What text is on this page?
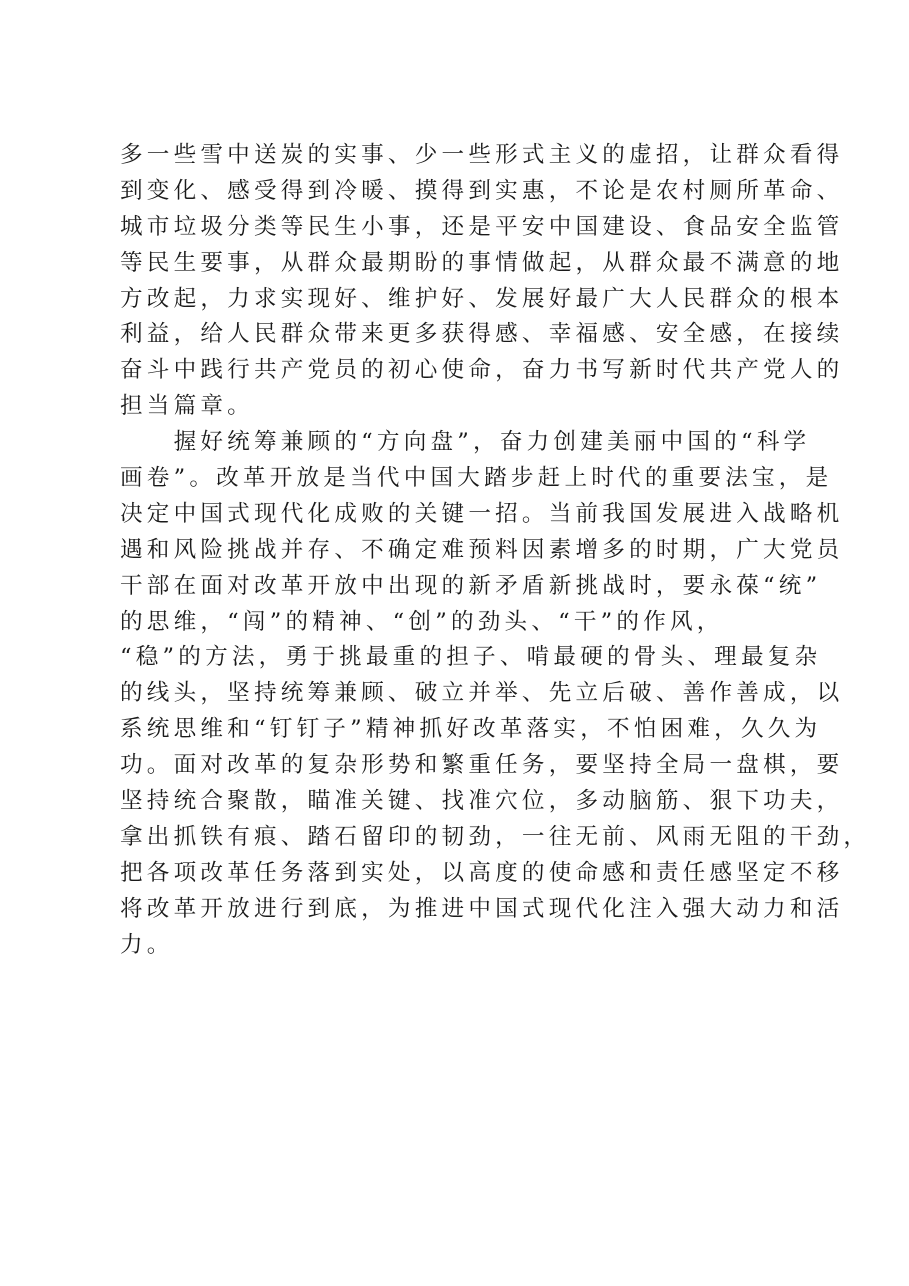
多一些雪中送炭的实事、少一些形式主义的虚招，让群众看得
到变化、感受得到冷暖、摸得到实惠，不论是农村厕所革命、
城市垃圾分类等民生小事，还是平安中国建设、食品安全监管
等民生要事，从群众最期盼的事情做起，从群众最不满意的地
方改起，力求实现好、维护好、发展好最广大人民群众的根本
利益，给人民群众带来更多获得感、幸福感、安全感，在接续
奋斗中践行共产党员的初心使命，奋力书写新时代共产党人的
担当篇章。
　　握好统筹兼顾的“方向盘”，奋力创建美丽中国的“科学
画卷”。改革开放是当代中国大踏步赶上时代的重要法宝，是
决定中国式现代化成败的关键一招。当前我国发展进入战略机
遇和风险挑战并存、不确定难预料因素增多的时期，广大党员
干部在面对改革开放中出现的新矛盾新挑战时，要永葆“统”
的思维，“闯”的精神、“创”的劲头、“干”的作风，
“稳”的方法，勇于挑最重的担子、啃最硬的骨头、理最复杂
的线头，坚持统筹兼顾、破立并举、先立后破、善作善成，以
系统思维和“钉钉子”精神抓好改革落实，不怕困难，久久为
功。面对改革的复杂形势和繁重任务，要坚持全局一盘棋，要
坚持统合聚散，瞄准关键、找准穴位，多动脑筋、狠下功夫，
拿出抓铁有痕、踏石留印的韧劲，一往无前、风雨无阻的干劲，
把各项改革任务落到实处，以高度的使命感和责任感坚定不移
将改革开放进行到底，为推进中国式现代化注入强大动力和活
力。
